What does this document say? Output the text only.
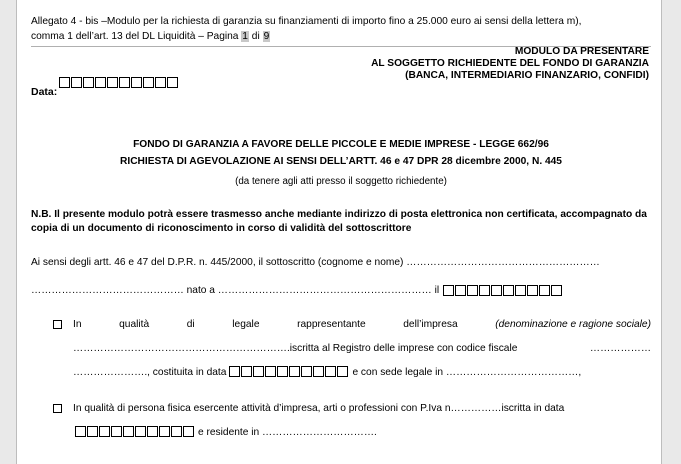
Allegato 4 - bis –Modulo per la richiesta di garanzia su finanziamenti di importo fino a 25.000 euro ai sensi della lettera m),
comma 1 dell’art. 13 del DL Liquidità – Pagina 1 di 9
MODULO DA PRESENTARE
AL SOGGETTO RICHIEDENTE DEL FONDO DI GARANZIA
(BANCA, INTERMEDIARIO FINANZARIO, CONFIDI)
Data:
FONDO DI GARANZIA A FAVORE DELLE PICCOLE E MEDIE IMPRESE - LEGGE 662/96
RICHIESTA DI AGEVOLAZIONE AI SENSI DELL’ARTT. 46 e 47 DPR 28 dicembre 2000, N. 445
(da tenere agli atti presso il soggetto richiedente)
N.B. Il presente modulo potrà essere trasmesso anche mediante indirizzo di posta elettronica non certificata, accompagnato da copia di un documento di riconoscimento in corso di validità del sottoscrittore
Ai sensi degli artt. 46 e 47 del D.P.R. n. 445/2000, il sottoscritto (cognome e nome) …………………………………………………
……………………………………… nato a ……………………………………………………… il
In	qualità	di	legale	rappresentante	dell’impresa	(denominazione e ragione sociale)
……………………………………………………….iscritta al Registro delle imprese con codice fiscale	………………
…………………., costituita in data	e con sede legale in …………………………………,
In qualità di persona fisica esercente attività d’impresa, arti o professioni con P.Iva n……………iscritta in data
e residente in …………………………….
